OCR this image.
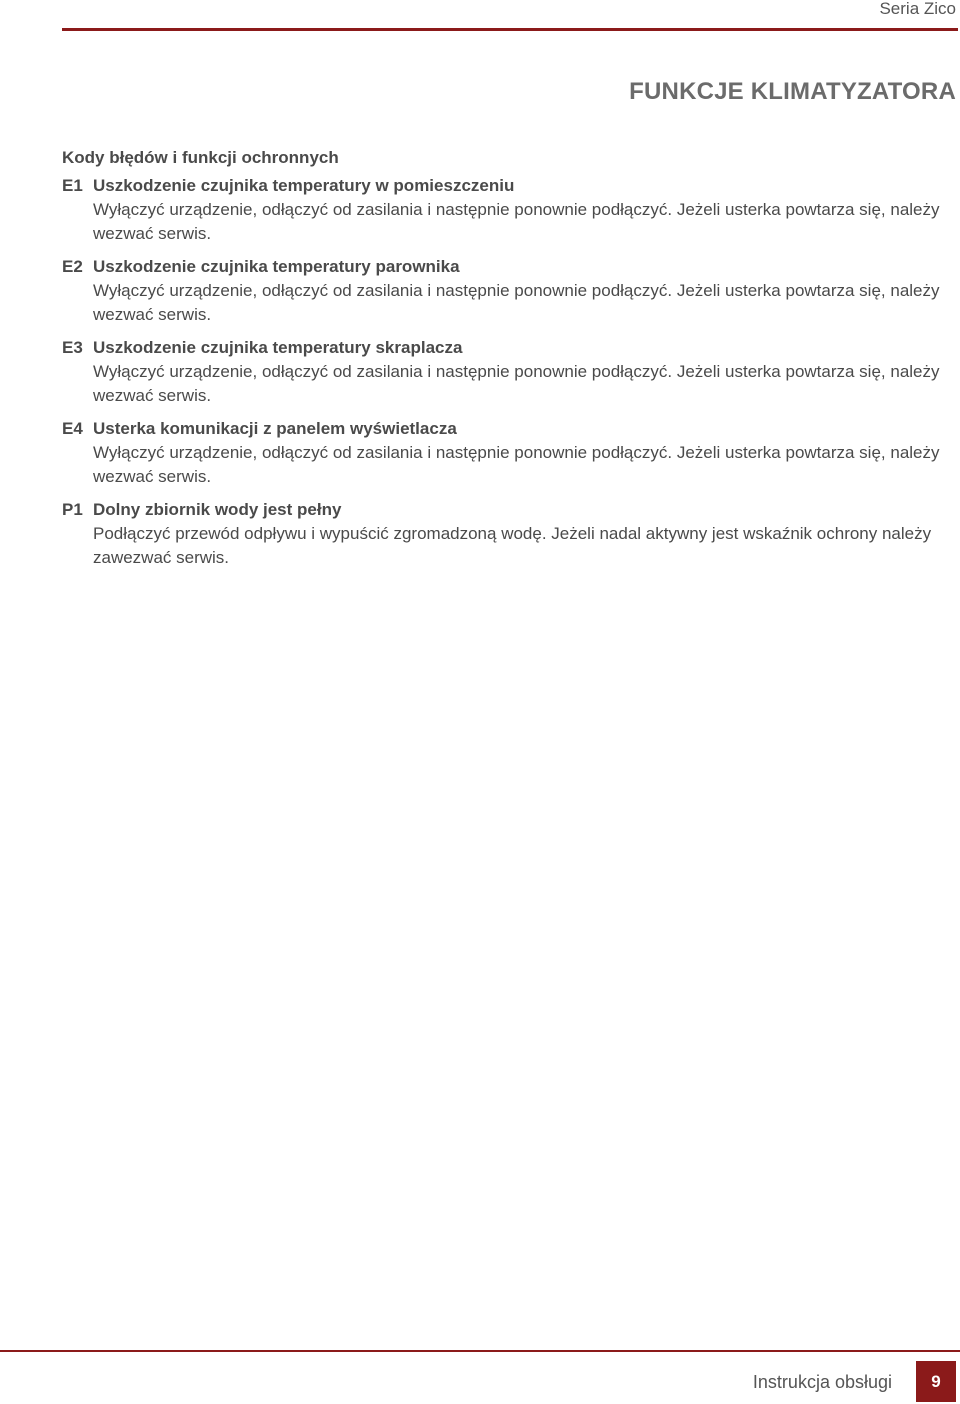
Seria Zico
FUNKCJE KLIMATYZATORA
Kody błędów i funkcji ochronnych
E1 Uszkodzenie czujnika temperatury w pomieszczeniu
Wyłączyć urządzenie, odłączyć od zasilania i następnie ponownie podłączyć. Jeżeli usterka powtarza się, należy wezwać serwis.
E2 Uszkodzenie czujnika temperatury parownika
Wyłączyć urządzenie, odłączyć od zasilania i następnie ponownie podłączyć. Jeżeli usterka powtarza się, należy wezwać serwis.
E3 Uszkodzenie czujnika temperatury skraplacza
Wyłączyć urządzenie, odłączyć od zasilania i następnie ponownie podłączyć. Jeżeli usterka powtarza się, należy wezwać serwis.
E4 Usterka komunikacji z panelem wyświetlacza
Wyłączyć urządzenie, odłączyć od zasilania i następnie ponownie podłączyć. Jeżeli usterka powtarza się, należy wezwać serwis.
P1 Dolny zbiornik wody jest pełny
Podłączyć przewód odpływu i wypuścić zgromadzoną wodę. Jeżeli nadal aktywny jest wskaźnik ochrony należy zawezwać serwis.
Instrukcja obsługi	9
